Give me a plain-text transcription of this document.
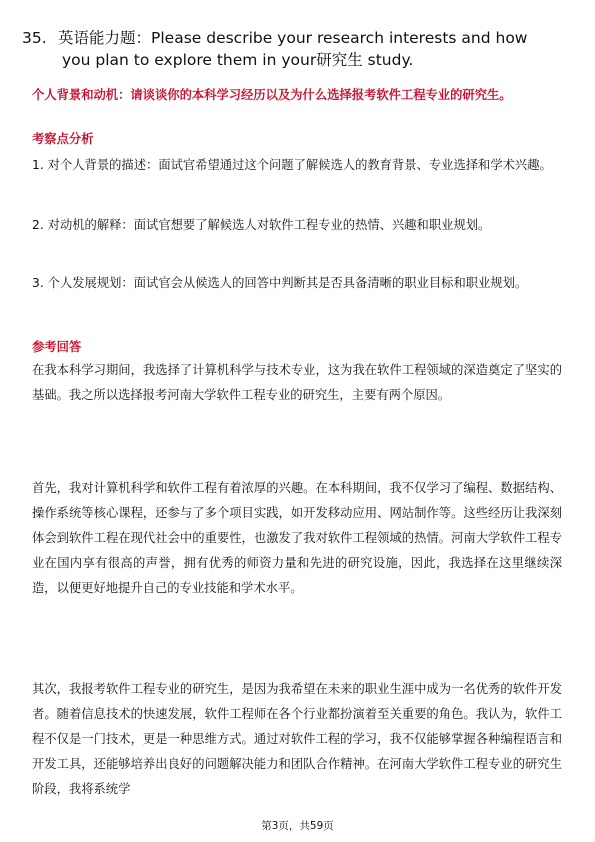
35. 英语能力题：Please describe your research interests and how
you plan to explore them in your研究生 study.
个人背景和动机：请谈谈你的本科学习经历以及为什么选择报考软件工程专业的研究生。
考察点分析
1. 对个人背景的描述：面试官希望通过这个问题了解候选人的教育背景、专业选择和学术兴趣。
2. 对动机的解释：面试官想要了解候选人对软件工程专业的热情、兴趣和职业规划。
3. 个人发展规划：面试官会从候选人的回答中判断其是否具备清晰的职业目标和职业规划。
参考回答
在我本科学习期间，我选择了计算机科学与技术专业，这为我在软件工程领域的深造奠定了坚实的基础。我之所以选择报考河南大学软件工程专业的研究生，主要有两个原因。
首先，我对计算机科学和软件工程有着浓厚的兴趣。在本科期间，我不仅学习了编程、数据结构、操作系统等核心课程，还参与了多个项目实践，如开发移动应用、网站制作等。这些经历让我深刻体会到软件工程在现代社会中的重要性，也激发了我对软件工程领域的热情。河南大学软件工程专业在国内享有很高的声誉，拥有优秀的师资力量和先进的研究设施，因此，我选择在这里继续深造，以便更好地提升自己的专业技能和学术水平。
其次，我报考软件工程专业的研究生，是因为我希望在未来的职业生涯中成为一名优秀的软件开发者。随着信息技术的快速发展，软件工程师在各个行业都扮演着至关重要的角色。我认为，软件工程不仅是一门技术，更是一种思维方式。通过对软件工程的学习，我不仅能够掌握各种编程语言和开发工具，还能够培养出良好的问题解决能力和团队合作精神。在河南大学软件工程专业的研究生阶段，我将系统学
第3页，共59页
